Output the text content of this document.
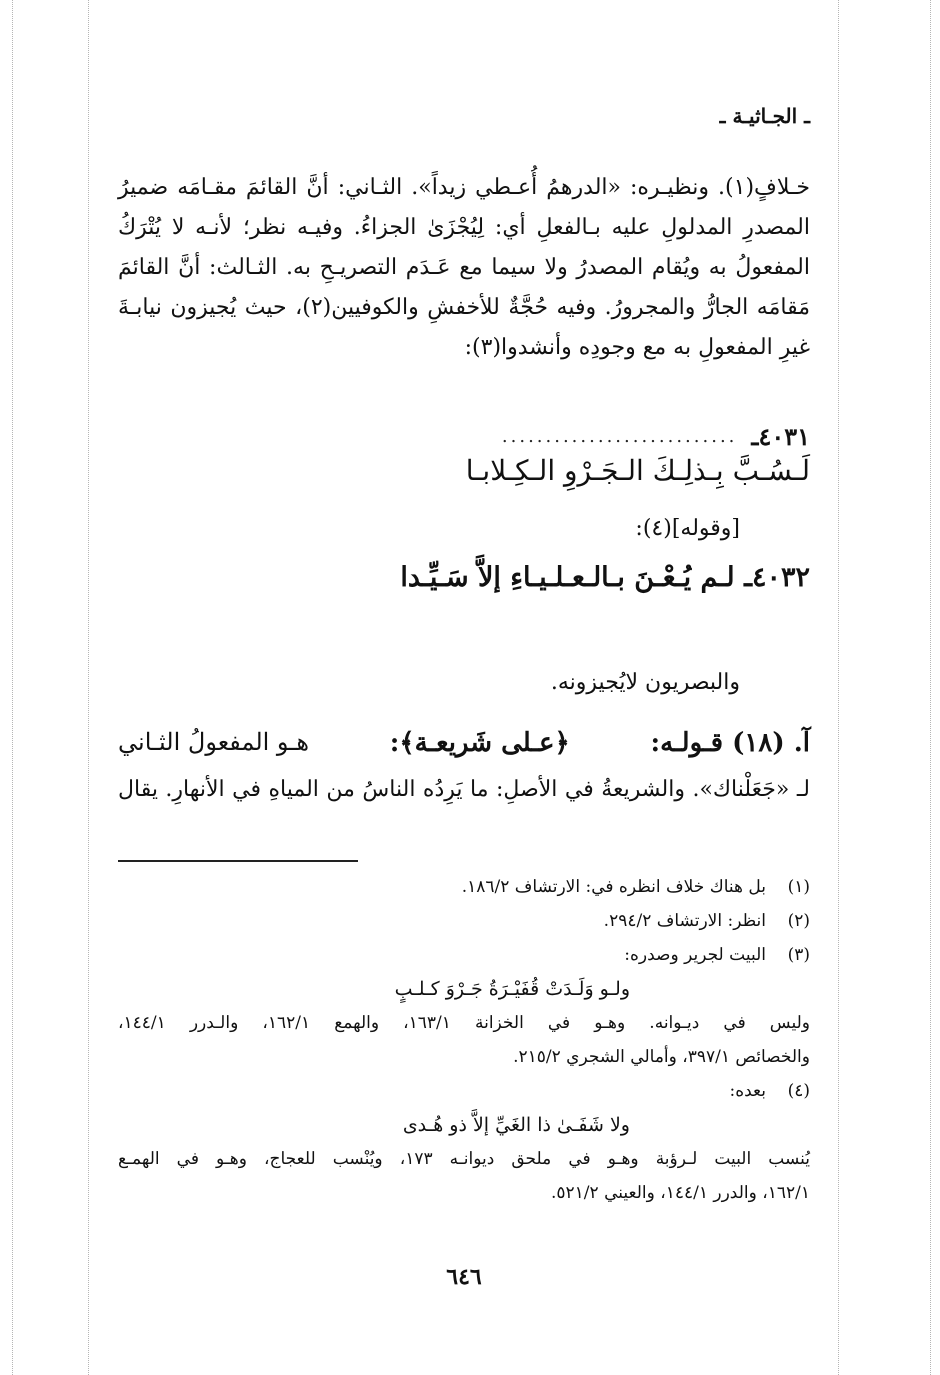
ـ الجـاثيـة ـ
خـلافٍ(١). ونظيـره: «الدرهمُ أُعـطي زيداً». الثـاني: أنَّ القائمَ مقـامَه ضميرُ
المصدرِ المدلولِ عليه بـالفعلِ أي: لِيُجْزَىٰ الجزاءُ. وفيـه نظر؛ لأنـه لا يُتْرَكُ
المفعولُ به ويُقام المصدرُ ولا سيما مع عَـدَم التصريـحِ به. الثـالث: أنَّ القائمَ
مَقامَه الجارُّ والمجرورُ. وفيه حُجَّةٌ للأخفشِ والكوفيين(٢)، حيث يُجيزون نيابـةَ
غيرِ المفعولِ به مع وجودِه وأنشدوا(٣):
٤٠٣١ـ
...........................
لَـسُـبَّ بِـذلِـكَ الـجَـرْوِ الـكِـلابـا
[وقوله](٤):
٤٠٣٢ـ لـم يُـعْـنَ بـالـعـلـيـاءِ إلاَّ سَـيِّـدا
والبصريون لايُجيزونه.
آ. (١٨) قـولـه:
﴿عـلى شَريعـة﴾:
هـو المفعولُ الثـاني
لـ «جَعَلْناك». والشريعةُ في الأصلِ: ما يَرِدُه الناسُ من المياهِ في الأنهارِ. يقال
(١)بل هناك خلاف انظره في: الارتشاف ١٨٦/٢.
(٢)انظر: الارتشاف ٢٩٤/٢.
(٣)البيت لجرير وصدره:
ولـو وَلَـدَتْ قُفَيْـرَةُ جَـرْوَ كـلـبٍ
وليس في ديـوانه. وهـو في الخزانة ١٦٣/١، والهمع ١٦٢/١، والـدرر ١٤٤/١،
والخصائص ٣٩٧/١، وأمالي الشجري ٢١٥/٢.
(٤)بعده:
ولا شَفَـىٰ ذا الغَيِّ إلاَّ ذو هُـدى
يُنسب البيت لـرؤبة وهـو في ملحق ديوانـه ١٧٣، ويُنْسب للعجاج، وهـو في الهمـع
١٦٢/١، والدرر ١٤٤/١، والعيني ٥٢١/٢.
٦٤٦
